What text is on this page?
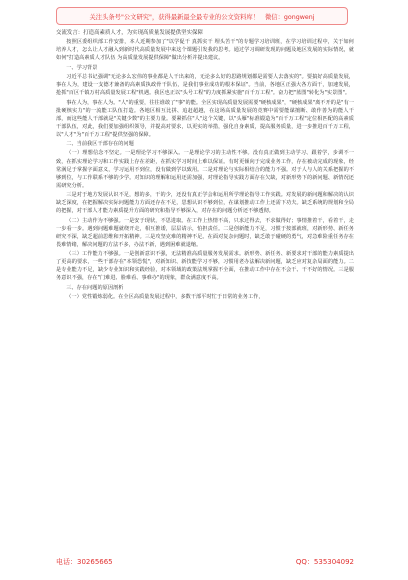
关注头条号"公文研究"，获得最新最全最专业的公文资料库！ 微信：gongwenj

交流发言：打造高素质人才，为实现高质量发展提供坚实保障

按照区委组织部工作安排，本人近期参加了"以学促干 真抓实干 埋头苦干"的专题学习培训班，在学习培训过程中，关于如何培养人才，怎么让人才融入到新时代高质量发展中来这个课题引发我的思考。通过学习调研发现的问题及地区发展的实际情况，就如何"打造高素质人才队伍 为高质量发展提供保障"做出分析并提出建议。

一、学习背景

习近平总书记强调"无论多么宏伟的事业都是人干出来的，无论多么好的思路规划都是需要人去落实的"。要搞好高质量发展，事在人为，建设一支德才兼备的高素质执政骨干队伍，是我们事业成功的根本保证"。当前，各地区正强大各方面干，加速发展，抢抓"百区千镇万村高质量发展工程"机遇。我区也正以"头号工程"的力度抓紧实施"百千万工程"。奋力把"蓝图"转化为"实景图"。

事在人为，事在人为。"人"的重要，往往谁敢了"事"的能。全区实现高质量发展需要"硬核成果"，"硬核成果"离不开的是"有一批硬核实力"的一流能工队伍打造。各地区相互比拼、追赶超越，在这场高质量发展的竞赛中需要能谋擅断、敢作善为的能人干部，而这些能人干部就是"关键少数"的主要力量。要紧抓住"人"这个关键，以"头雁"标准锻造为"百千万工程"定位相匹配的高素质干部队伍，对此，我们要加强组织领导，并提高对要求，以更实的举措，强化自身素质，提高服务质量，进一步推进百千万工程，以"人才"为"百千万工程"提供坚强的保障。

二、当前我区干部存在的问题

（一）理想信念不坚定。一是理论学习不够深入。一是理论学习的主动性不够。没有真正做到主动学习、跟着学，步调不一致，在抓实理论学习和工作实践上存在差距，在抓实学习时间上难以保证。有时更倾向于完成业务工作，存在被动完成的现象，经常满足于掌握字面意义，学习运用不到位，没有做到学以致用。二是对理论与实际相结合的能力不强。对于人与人的关系把握的不够到位，与工作联系不够的少学。对知识的理解和运用还需加强，对理论指导实践方面存在欠缺，对新形势下的新问题、新情况还需研究分析。

三是对于地方发展认识不足，想的多，干的少，还没有真正学会和运用所学理论指导工作实践。对发展的新问题和解决的认识缺乏深度，在把握解决实际问题能力方面还存在不足，思想认识不够到位，在谋划推动工作上还需下功夫。缺乏系统的规划和全局的把握，对干部人才能力素质提升方面的研究和指导不够深入，对存在的问题分析还不够透彻。

（二）主动作为不够强。一是安于现状，不思进取。在工作上热情不高，只求过得去，不求做得好；事情推着干，看着干，走一步看一步。遇到问题难题就绕开走，相互推诿，层层请示，怕担责任。二是创新能力不足，习惯于按部就班，对新形势、新任务研究不深，缺乏超前思维和开拓精神。三是攻坚克难的精神不足。在面对复杂问题时，缺乏敢于碰硬的勇气，对急难险重任务存在畏难情绪，解决问题的方法不多，办法不新，遇到困难就退缩。

（三）工作能力不够强。一是创新意识不强，无法精准高质量服务发展需求。新形势、新任务、新要求对干部的能力素质提出了更高的要求，一些干部存在"本领恐慌"，对新知识、新技能学习不够，习惯用老办法解决新问题，缺乏应对复杂局面的能力。二是专业能力不足，缺少专业知识和实践经验，对本领域的政策法规掌握不全面，在推动工作中存在不会干、干不好的情况。三是服务意识不强，存在"门难进、脸难看、事难办"的现象，群众满意度不高。

三、存在问题的原因剖析

（一）党性锻炼弱化。在全区高质量发展过程中，多数干部平时忙于日常的业务工作，

电话：30265665	QQ：535304092
